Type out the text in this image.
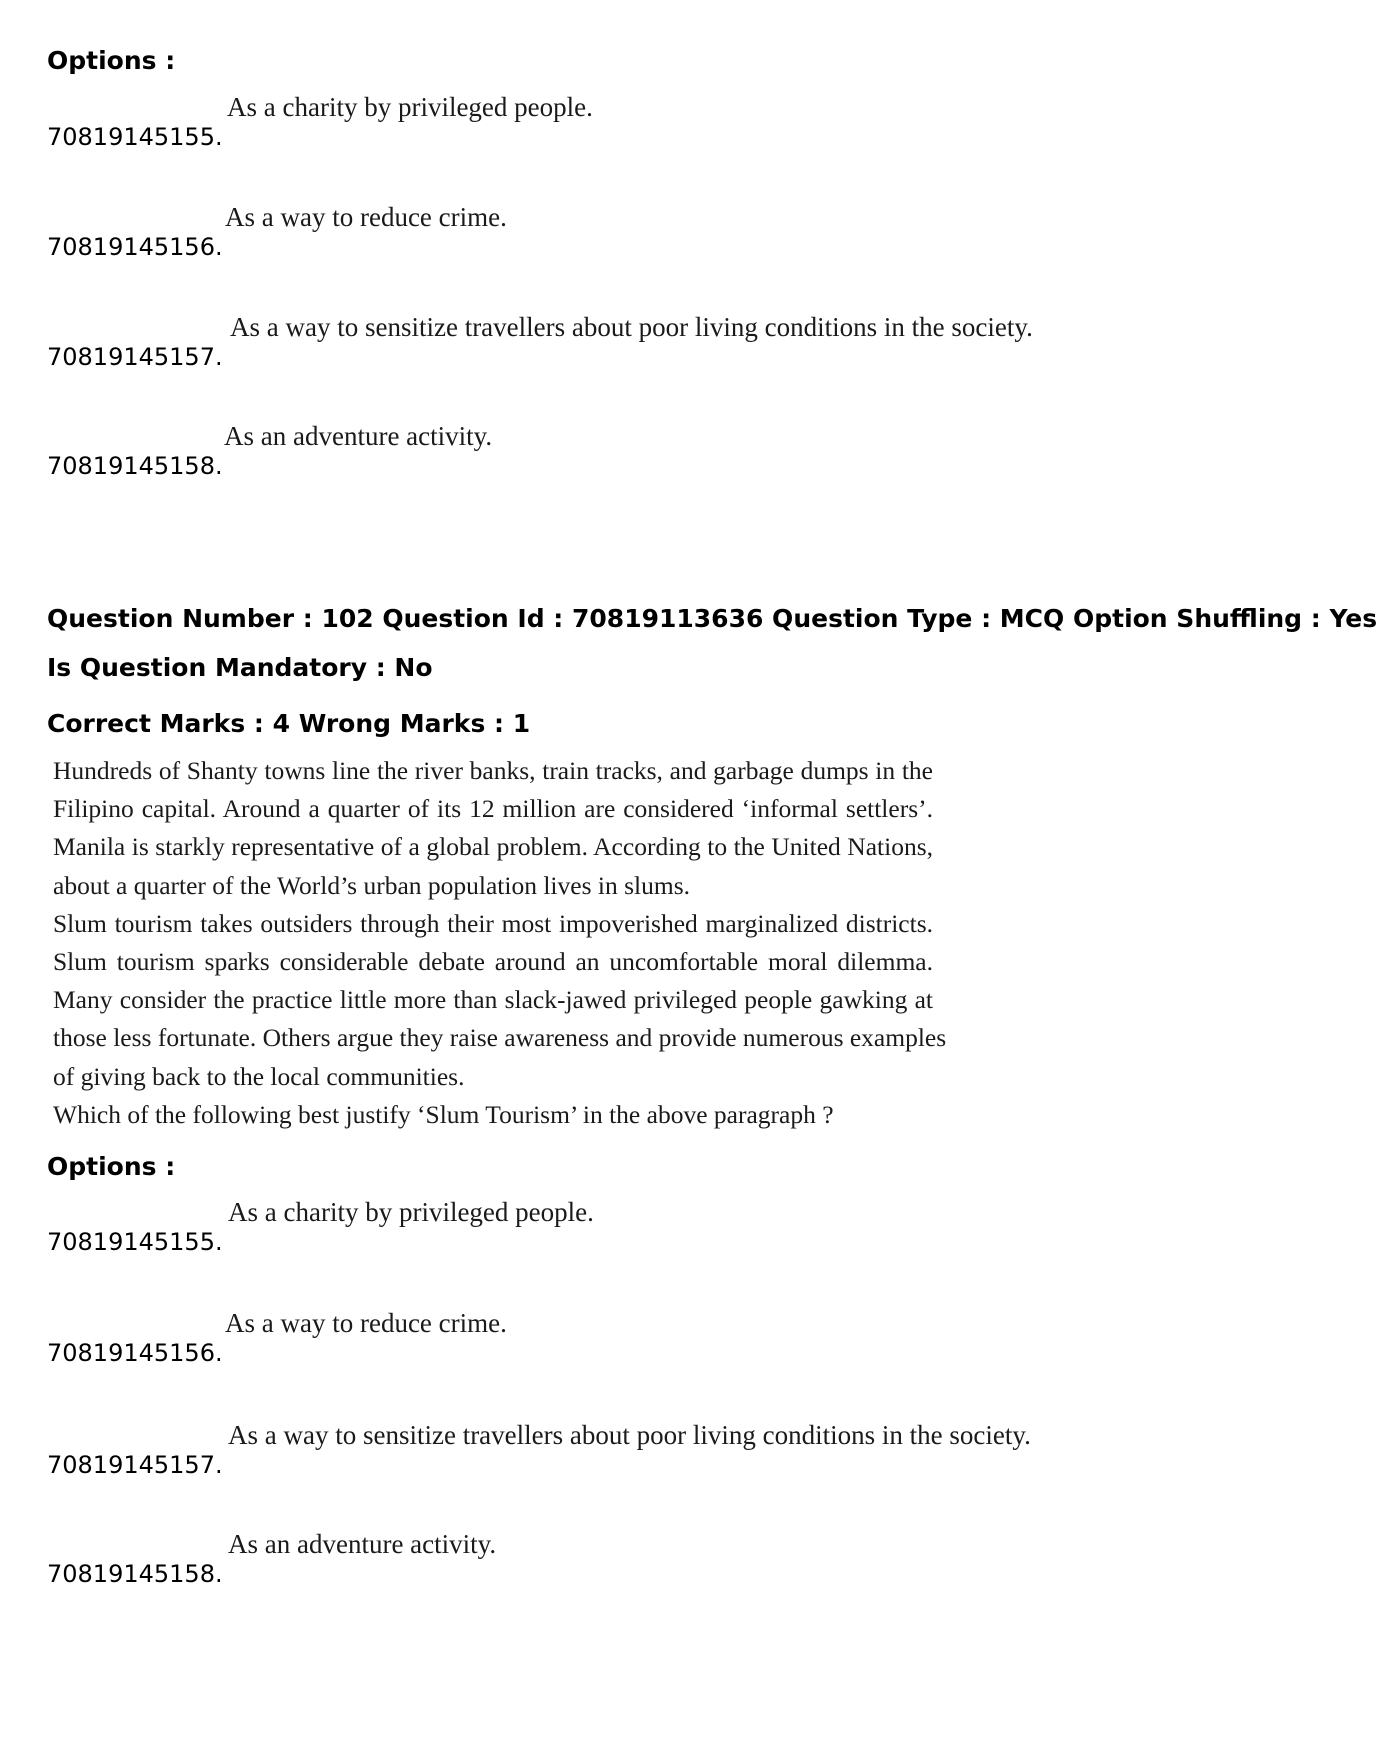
Options :
70819145155.
As a charity by privileged people.
70819145156.
As a way to reduce crime.
70819145157.
As a way to sensitize travellers about poor living conditions in the society.
70819145158.
As an adventure activity.
Question Number : 102 Question Id : 70819113636 Question Type : MCQ Option Shuffling : Yes
Is Question Mandatory : No
Correct Marks : 4 Wrong Marks : 1
Hundreds of Shanty towns line the river banks, train tracks, and garbage dumps in the
Filipino capital. Around a quarter of its 12 million are considered ‘informal settlers’.
Manila is starkly representative of a global problem. According to the United Nations,
about a quarter of the World’s urban population lives in slums.
Slum tourism takes outsiders through their most impoverished marginalized districts.
Slum tourism sparks considerable debate around an uncomfortable moral dilemma.
Many consider the practice little more than slack-jawed privileged people gawking at
those less fortunate. Others argue they raise awareness and provide numerous examples
of giving back to the local communities.
Which of the following best justify ‘Slum Tourism’ in the above paragraph ?
Options :
70819145155.
As a charity by privileged people.
70819145156.
As a way to reduce crime.
70819145157.
As a way to sensitize travellers about poor living conditions in the society.
70819145158.
As an adventure activity.
